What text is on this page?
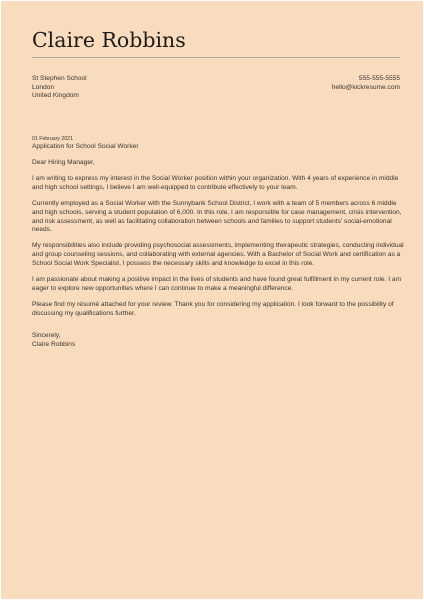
Claire Robbins
St Stephen School
London
United Kingdom
555-555-5555
hello@kickresume.com
01 February 2021
Application for School Social Worker

Dear Hiring Manager,

I am writing to express my interest in the Social Worker position within your organization. With 4 years of experience in middle and high school settings, I believe I am well-equipped to contribute effectively to your team.

Currently employed as a Social Worker with the Sunnybank School District, I work with a team of 5 members across 6 middle and high schools, serving a student population of 6,000. In this role, I am responsible for case management, crisis intervention, and risk assessment, as well as facilitating collaboration between schools and families to support students' social-emotional needs.

My responsibilities also include providing psychosocial assessments, implementing therapeutic strategies, conducting individual and group counseling sessions, and collaborating with external agencies. With a Bachelor of Social Work and certification as a School Social Work Specialist, I possess the necessary skills and knowledge to excel in this role.

I am passionate about making a positive impact in the lives of students and have found great fulfillment in my current role. I am eager to explore new opportunities where I can continue to make a meaningful difference.

Please find my résumé attached for your review. Thank you for considering my application. I look forward to the possibility of discussing my qualifications further.

Sincerely,
Claire Robbins
